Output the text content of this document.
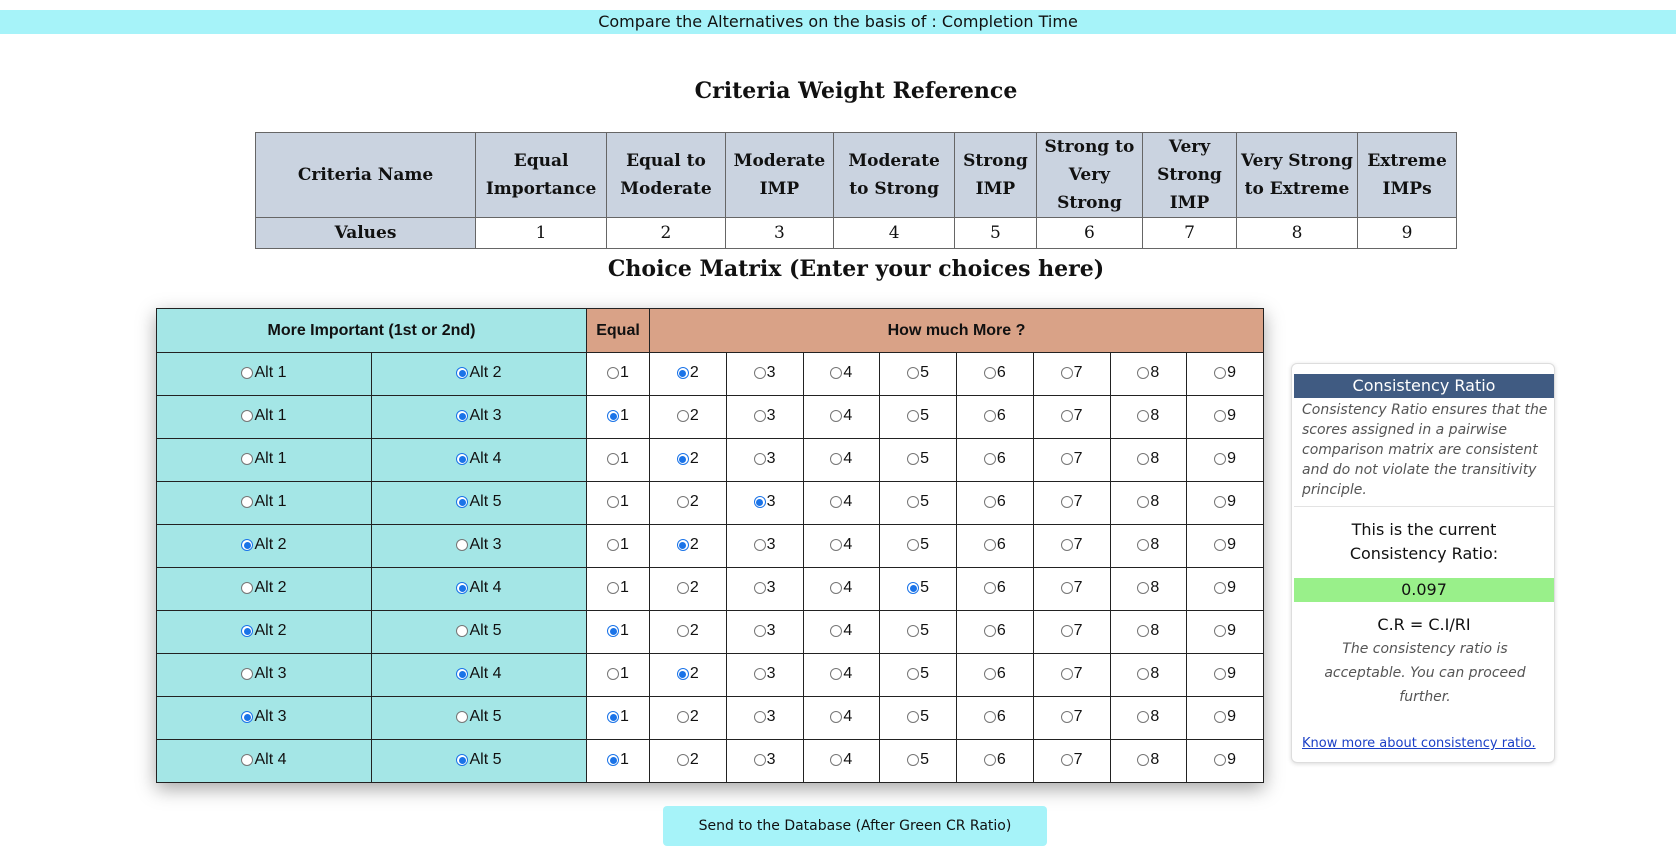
Compare the Alternatives on the basis of : Completion Time
Criteria Weight Reference
Criteria Name	Equal Importance	Equal to Moderate	Moderate IMP	Moderate to Strong	Strong IMP	Strong to Very Strong	Very Strong IMP	Very Strong to Extreme	Extreme IMPs
Values	1	2	3	4	5	6	7	8	9
Choice Matrix (Enter your choices here)
More Important (1st or 2nd)		Equal	How much More ?							

Alt 1	Alt 2	1	2	3	4	5	6	7	8	9

Alt 1	Alt 3	1	2	3	4	5	6	7	8	9

Alt 1	Alt 4	1	2	3	4	5	6	7	8	9

Alt 1	Alt 5	1	2	3	4	5	6	7	8	9

Alt 2	Alt 3	1	2	3	4	5	6	7	8	9

Alt 2	Alt 4	1	2	3	4	5	6	7	8	9

Alt 2	Alt 5	1	2	3	4	5	6	7	8	9

Alt 3	Alt 4	1	2	3	4	5	6	7	8	9

Alt 3	Alt 5	1	2	3	4	5	6	7	8	9

Alt 4	Alt 5	1	2	3	4	5	6	7	8	9
Consistency Ratio
Consistency Ratio ensures that the scores assigned in a pairwise comparison matrix are consistent and do not violate the transitivity principle.
This is the current Consistency Ratio:
0.097
C.R = C.I/RI
The consistency ratio is acceptable. You can proceed further.
Know more about consistency ratio.
Send to the Database (After Green CR Ratio)
